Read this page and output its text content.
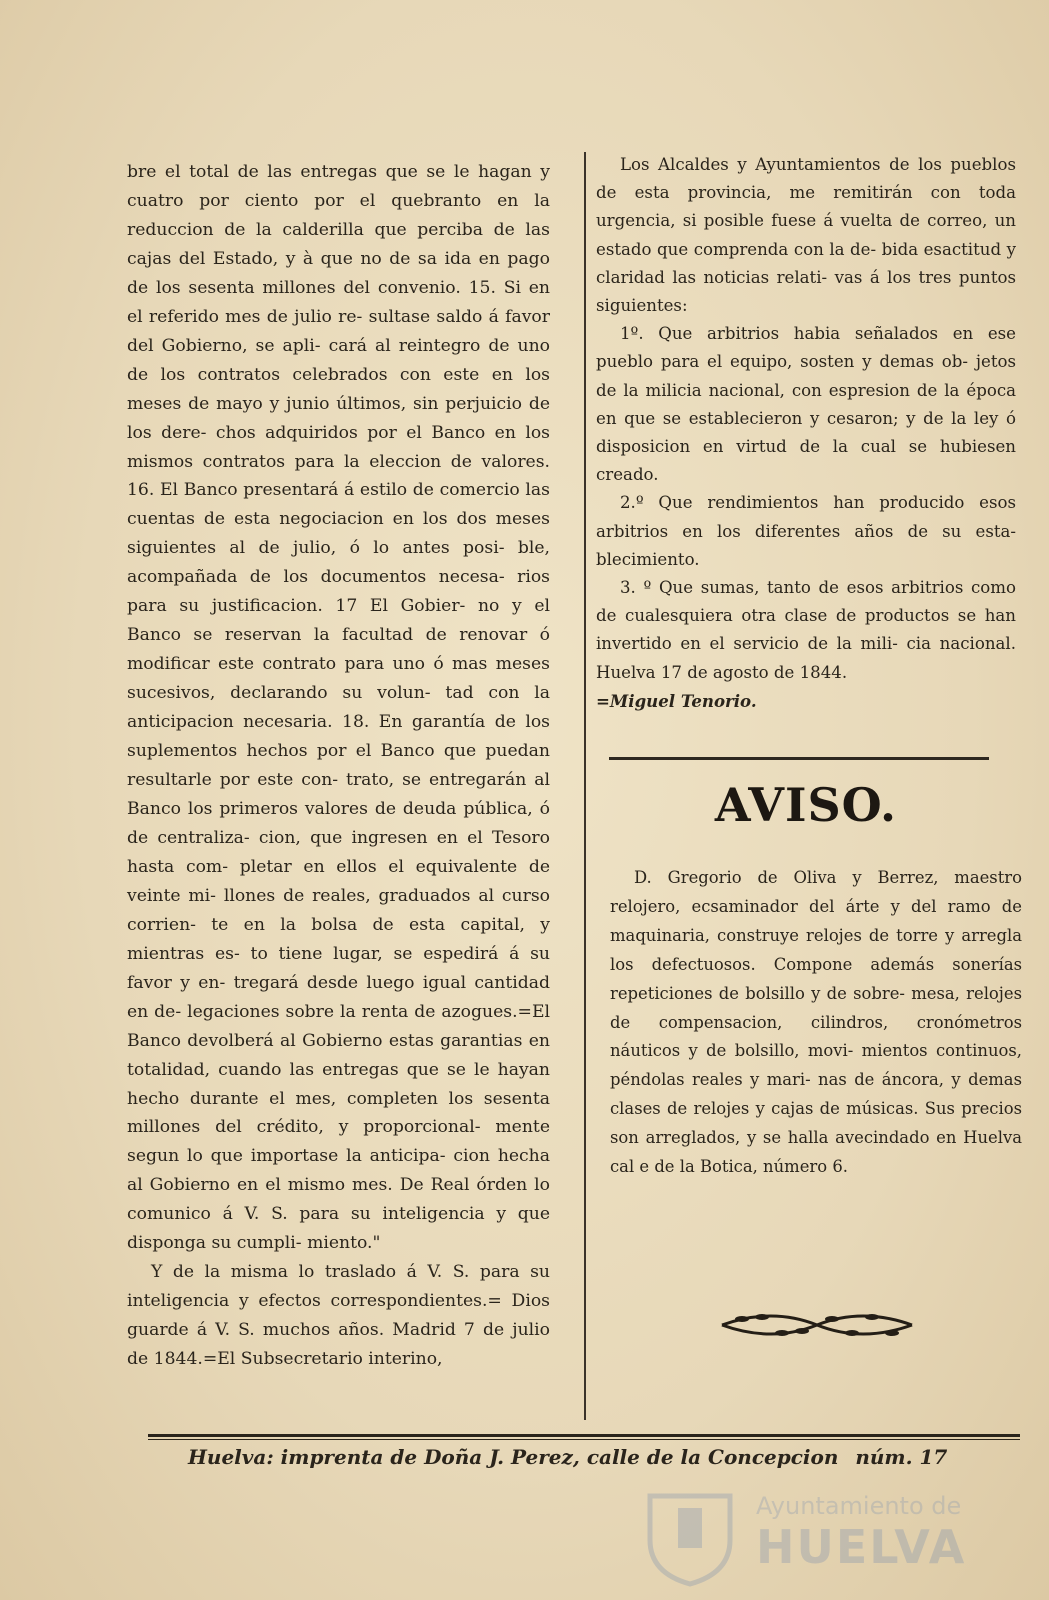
bre el total de las entregas que se le hagan y cuatro por ciento por el quebranto en la reduccion de la calderilla que perciba de las cajas del Estado, y à que no de sa ida en pago de los sesenta millones del convenio. 15. Si en el referido mes de julio re- sultase saldo á favor del Gobierno, se apli- cará al reintegro de uno de los contratos celebrados con este en los meses de mayo y junio últimos, sin perjuicio de los dere- chos adquiridos por el Banco en los mismos contratos para la eleccion de valores. 16. El Banco presentará á estilo de comercio las cuentas de esta negociacion en los dos meses siguientes al de julio, ó lo antes posi- ble, acompañada de los documentos necesa- rios para su justificacion. 17 El Gobier- no y el Banco se reservan la facultad de renovar ó modificar este contrato para uno ó mas meses sucesivos, declarando su volun- tad con la anticipacion necesaria. 18. En garantía de los suplementos hechos por el Banco que puedan resultarle por este con- trato, se entregarán al Banco los primeros valores de deuda pública, ó de centraliza- cion, que ingresen en el Tesoro hasta com- pletar en ellos el equivalente de veinte mi- llones de reales, graduados al curso corrien- te en la bolsa de esta capital, y mientras es- to tiene lugar, se espedirá á su favor y en- tregará desde luego igual cantidad en de- legaciones sobre la renta de azogues.=El Banco devolberá al Gobierno estas garantias en totalidad, cuando las entregas que se le hayan hecho durante el mes, completen los sesenta millones del crédito, y proporcional- mente segun lo que importase la anticipa- cion hecha al Gobierno en el mismo mes. De Real órden lo comunico á V. S. para su inteligencia y que disponga su cumpli- miento."

Y de la misma lo traslado á V. S. para su inteligencia y efectos correspondientes.= Dios guarde á V. S. muchos años. Madrid 7 de julio de 1844.=El Subsecretario interino,

Los Alcaldes y Ayuntamientos de los pueblos de esta provincia, me remitirán con toda urgencia, si posible fuese á vuelta de correo, un estado que comprenda con la de- bida esactitud y claridad las noticias relati- vas á los tres puntos siguientes:

1º. Que arbitrios habia señalados en ese pueblo para el equipo, sosten y demas ob- jetos de la milicia nacional, con espresion de la época en que se establecieron y cesaron; y de la ley ó disposicion en virtud de la cual se hubiesen creado.

2.º Que rendimientos han producido esos arbitrios en los diferentes años de su esta- blecimiento.

3. º Que sumas, tanto de esos arbitrios como de cualesquiera otra clase de productos se han invertido en el servicio de la mili- cia nacional. Huelva 17 de agosto de 1844.

=Miguel Tenorio.

AVISO.
D. Gregorio de Oliva y Berrez, maestro relojero, ecsaminador del árte y del ramo de maquinaria, construye relojes de torre y arregla los defectuosos. Compone además sonerías repeticiones de bolsillo y de sobre- mesa, relojes de compensacion, cilindros, cronómetros náuticos y de bolsillo, movi- mientos continuos, péndolas reales y mari- nas de áncora, y demas clases de relojes y cajas de músicas. Sus precios son arreglados, y se halla avecindado en Huelva cal e de la Botica, número 6.
Huelva: imprenta de Doña J. Perez, calle de la Concepcion núm. 17
Ayuntamiento de
HUELVA
